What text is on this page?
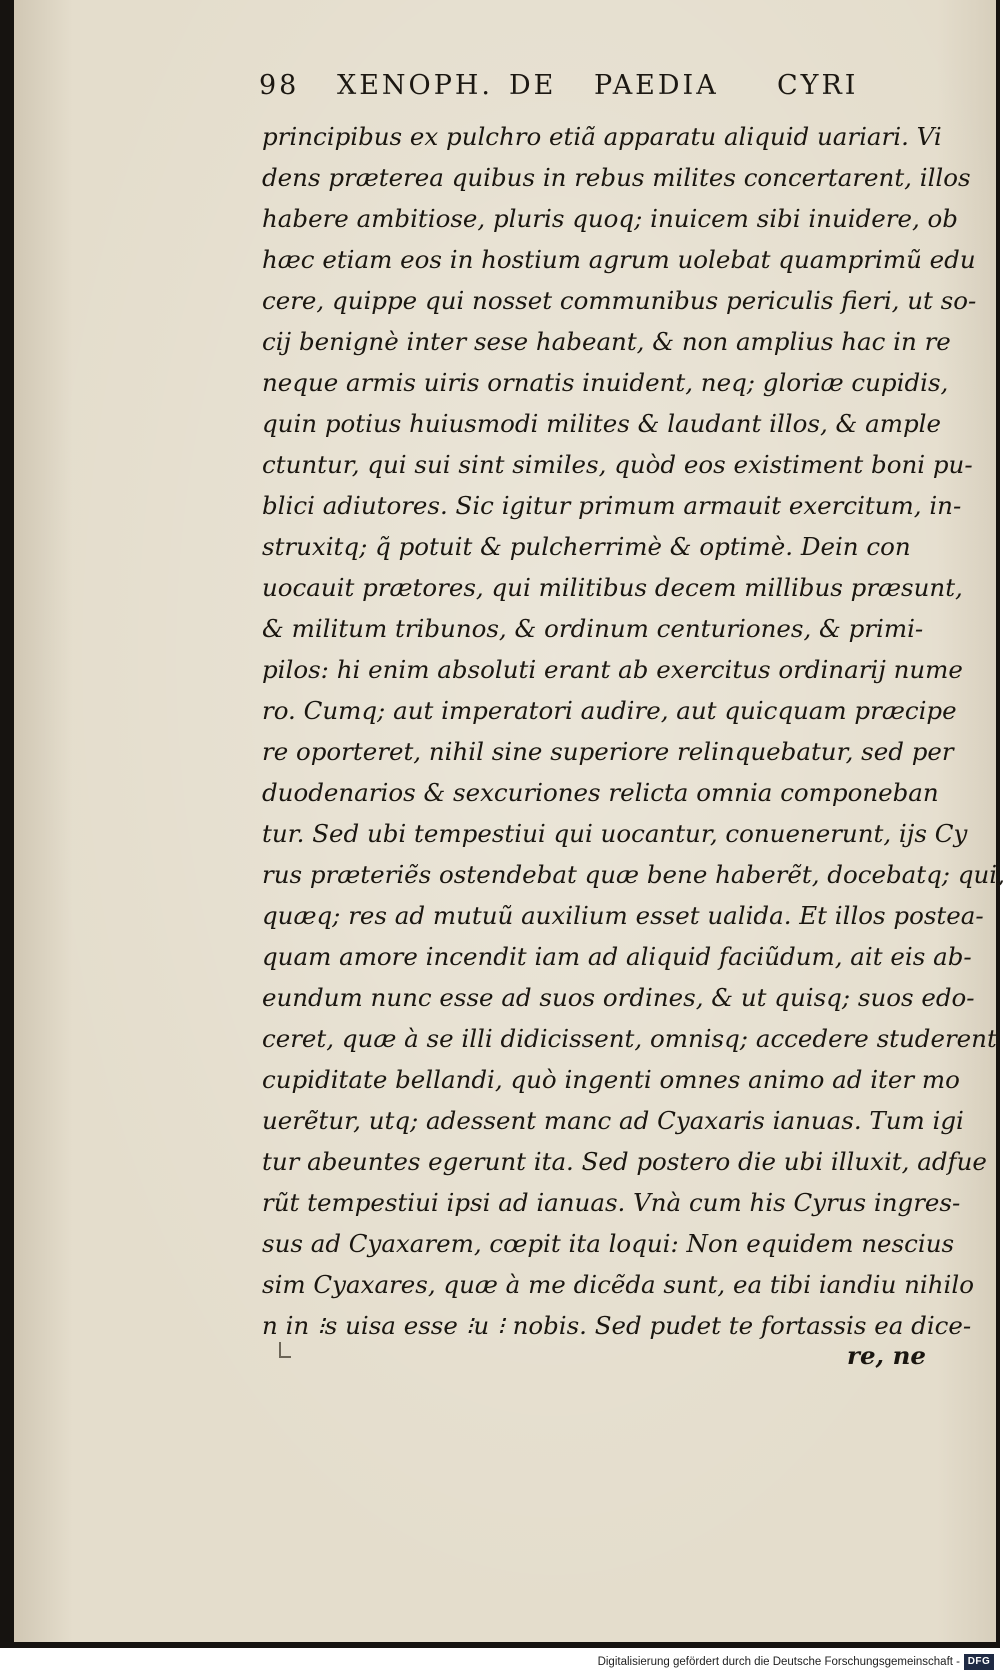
98 XENOPH. DE PAEDIA CYRI
principibus ex pulchro etiã apparatu aliquid uariari. Vi
dens præterea quibus in rebus milites concertarent, illos
habere ambitiose, pluris quoq; inuicem sibi inuidere, ob
hæc etiam eos in hostium agrum uolebat quamprimũ edu
cere, quippe qui nosset communibus periculis fieri, ut so-
cij benignè inter sese habeant, & non amplius hac in re
neque armis uiris ornatis inuident, neq; gloriæ cupidis,
quin potius huiusmodi milites & laudant illos, & ample
ctuntur, qui sui sint similes, quòd eos existiment boni pu-
blici adiutores. Sic igitur primum armauit exercitum, in-
struxitq; q̃ potuit & pulcherrimè & optimè. Dein con
uocauit prætores, qui militibus decem millibus præsunt,
& militum tribunos, & ordinum centuriones, & primi-
pilos: hi enim absoluti erant ab exercitus ordinarij nume
ro. Cumq; aut imperatori audire, aut quicquam præcipe
re oporteret, nihil sine superiore relinquebatur, sed per
duodenarios & sexcuriones relicta omnia componeban
tur. Sed ubi tempestiui qui uocantur, conuenerunt, ijs Cy
rus præteriẽs ostendebat quæ bene haberẽt, docebatq; qui,
quæq; res ad mutuũ auxilium esset ualida. Et illos postea-
quam amore incendit iam ad aliquid faciũdum, ait eis ab-
eundum nunc esse ad suos ordines, & ut quisq; suos edo-
ceret, quæ à se illi didicissent, omnisq; accedere studerent
cupiditate bellandi, quò ingenti omnes animo ad iter mo
uerẽtur, utq; adessent manc ad Cyaxaris ianuas. Tum igi
tur abeuntes egerunt ita. Sed postero die ubi illuxit, adfue
rũt tempestiui ipsi ad ianuas. Vnà cum his Cyrus ingres-
sus ad Cyaxarem, cœpit ita loqui: Non equidem nescius
sim Cyaxares, quæ à me dicẽda sunt, ea tibi iandiu nihilo
n in ⁝s uisa esse ⁝u ⁝ nobis. Sed pudet te fortassis ea dice-
re, ne
Digitalisierung gefördert durch die Deutsche Forschungsgemeinschaft - DFG
